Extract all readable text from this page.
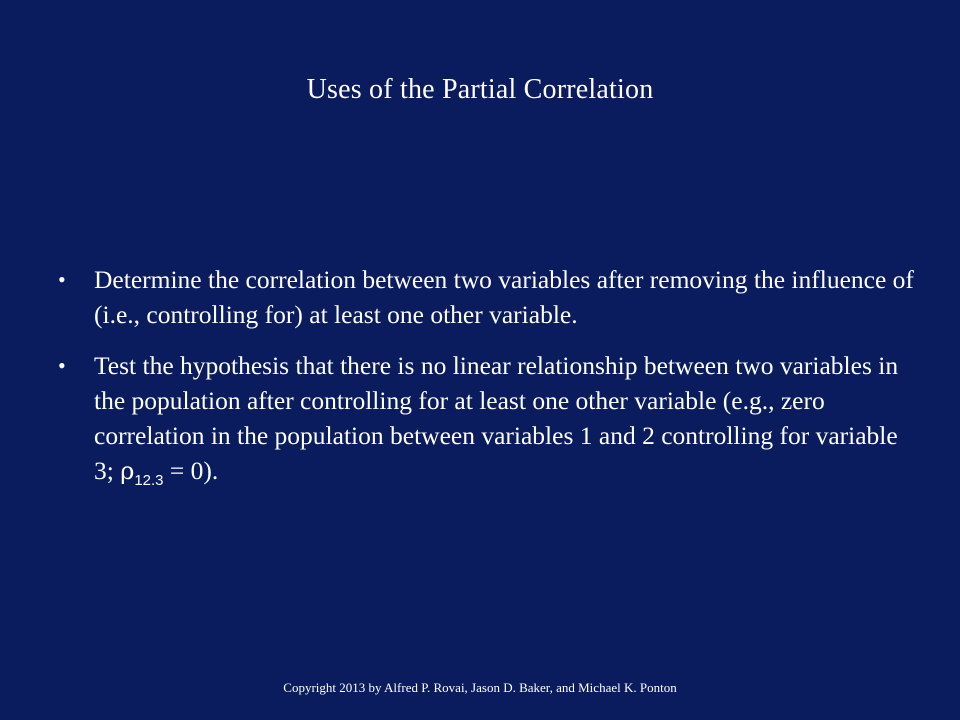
Uses of the Partial Correlation
• Determine the correlation between two variables after removing the influence of (i.e., controlling for) at least one other variable.
• Test the hypothesis that there is no linear relationship between two variables in the population after controlling for at least one other variable (e.g., zero correlation in the population between variables 1 and 2 controlling for variable 3; $\rho_{12.3} = 0$).
Copyright 2013 by Alfred P. Rovai, Jason D. Baker, and Michael K. Ponton
